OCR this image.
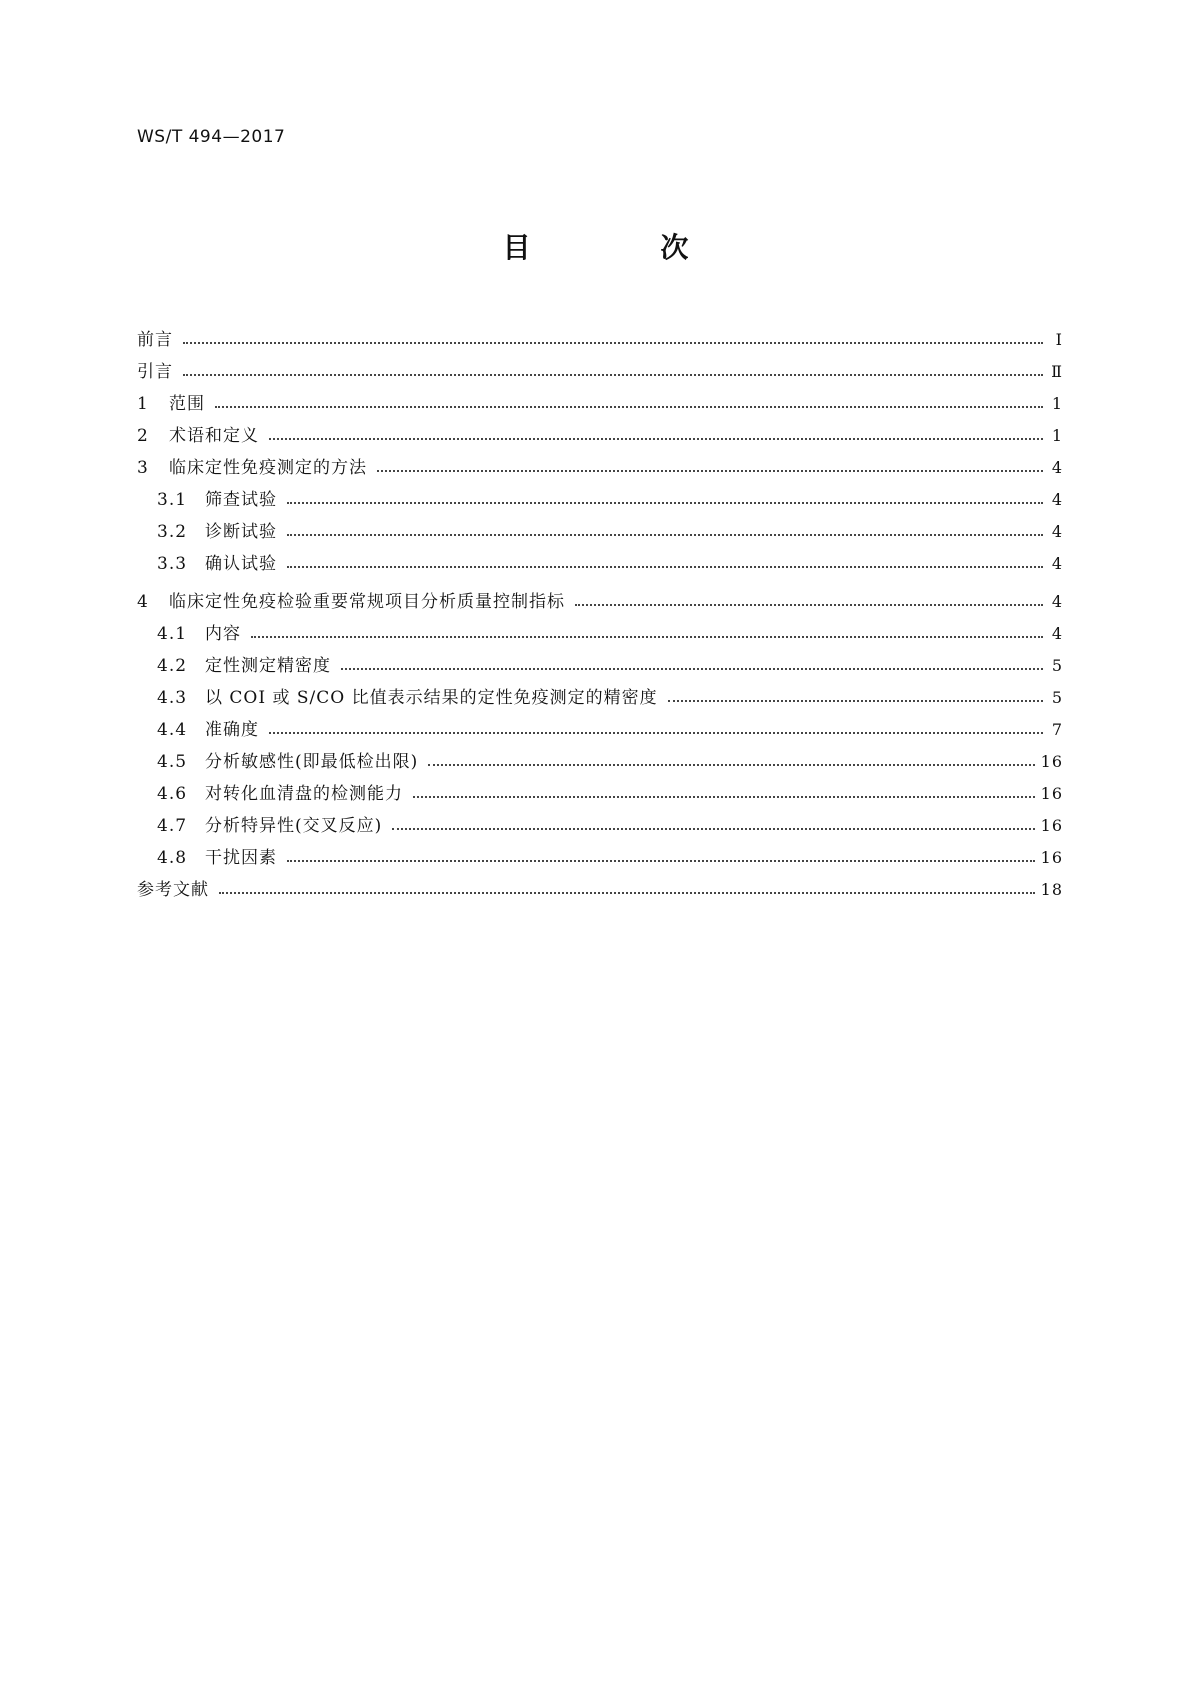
WS/T 494—2017
目 次
前言	Ⅰ
引言	Ⅱ
1	范围	1
2	术语和定义	1
3	临床定性免疫测定的方法	4
3.1	筛查试验	4
3.2	诊断试验	4
3.3	确认试验	4
4	临床定性免疫检验重要常规项目分析质量控制指标	4
4.1	内容	4
4.2	定性测定精密度	5
4.3	以 COI 或 S/CO 比值表示结果的定性免疫测定的精密度	5
4.4	准确度	7
4.5	分析敏感性(即最低检出限)	16
4.6	对转化血清盘的检测能力	16
4.7	分析特异性(交叉反应)	16
4.8	干扰因素	16
参考文献	18
